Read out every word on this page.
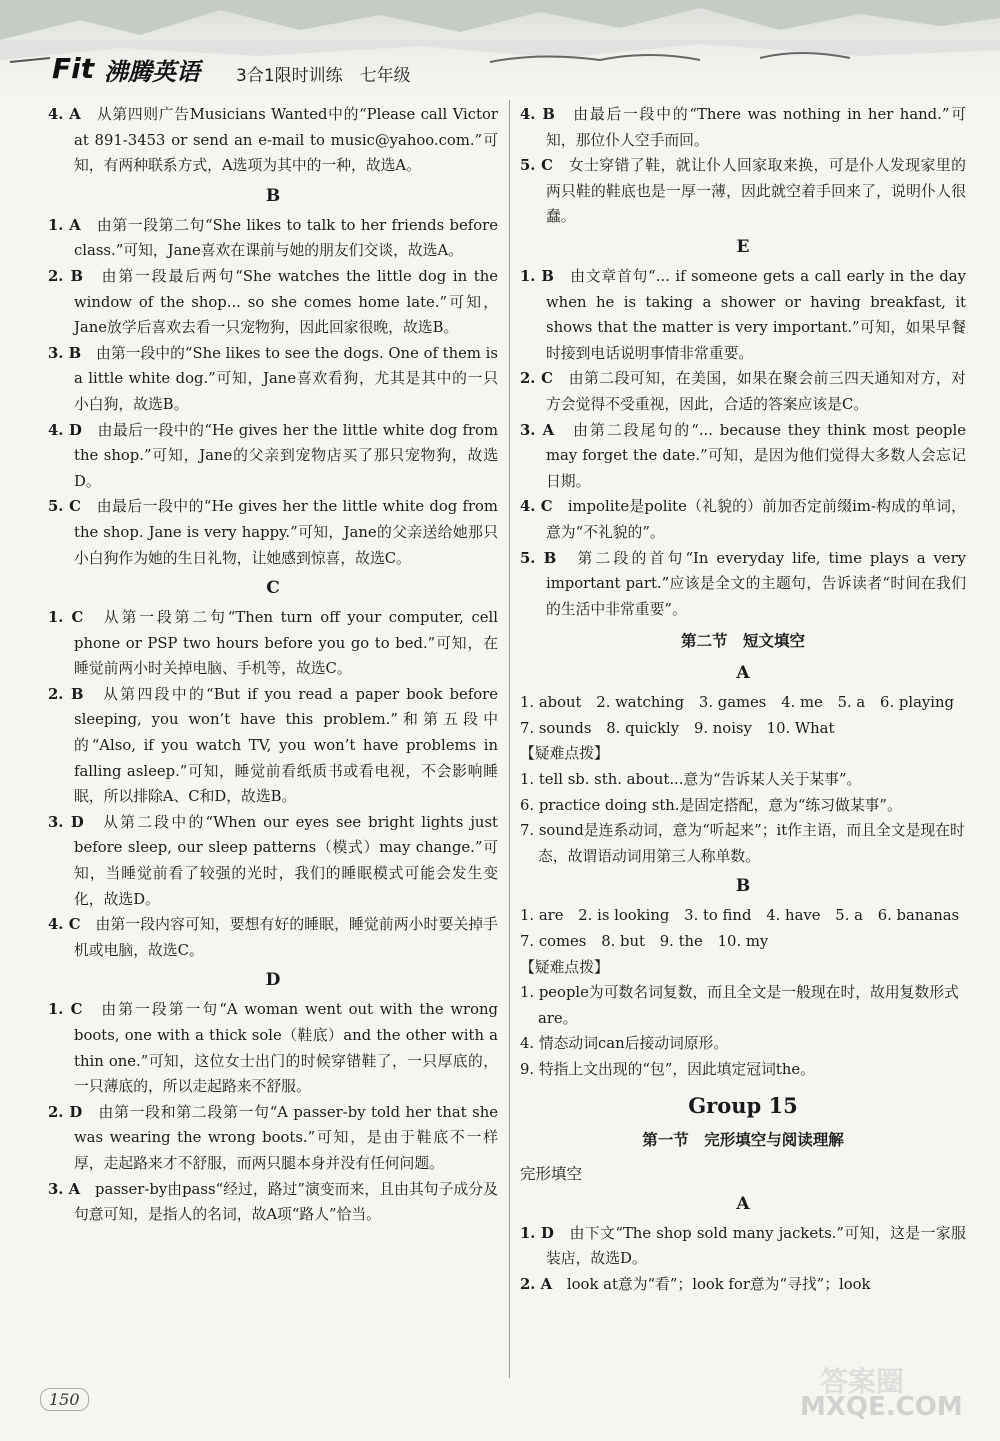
Fit 沸腾英语 3合1限时训练　七年级

4. A　 从第四则广告Musicians Wanted中的“Please call Victor at 891-3453 or send an e-mail to music@yahoo.com.”可知，有两种联系方式，A选项为其中的一种，故选A。

B

1. A　 由第一段第二句“She likes to talk to her friends before class.”可知，Jane喜欢在课前与她的朋友们交谈，故选A。

2. B　 由第一段最后两句“She watches the little dog in the window of the shop... so she comes home late.”可知，Jane放学后喜欢去看一只宠物狗，因此回家很晚，故选B。

3. B　 由第一段中的“She likes to see the dogs. One of them is a little white dog.”可知，Jane喜欢看狗，尤其是其中的一只小白狗，故选B。

4. D　 由最后一段中的“He gives her the little white dog from the shop.”可知，Jane的父亲到宠物店买了那只宠物狗，故选D。

5. C　 由最后一段中的“He gives her the little white dog from the shop. Jane is very happy.”可知，Jane的父亲送给她那只小白狗作为她的生日礼物，让她感到惊喜，故选C。

C

1. C　 从第一段第二句“Then turn off your computer, cell phone or PSP two hours before you go to bed.”可知，在睡觉前两小时关掉电脑、手机等，故选C。

2. B　 从第四段中的“But if you read a paper book before sleeping, you won’t have this problem.”和第五段中的“Also, if you watch TV, you won’t have problems in falling asleep.”可知，睡觉前看纸质书或看电视，不会影响睡眠，所以排除A、C和D，故选B。

3. D　 从第二段中的“When our eyes see bright lights just before sleep, our sleep patterns（模式）may change.”可知，当睡觉前看了较强的光时，我们的睡眠模式可能会发生变化，故选D。

4. C　 由第一段内容可知，要想有好的睡眠，睡觉前两小时要关掉手机或电脑，故选C。

D

1. C　 由第一段第一句“A woman went out with the wrong boots, one with a thick sole（鞋底）and the other with a thin one.”可知，这位女士出门的时候穿错鞋了，一只厚底的，一只薄底的，所以走起路来不舒服。

2. D　 由第一段和第二段第一句“A passer-by told her that she was wearing the wrong boots.”可知，是由于鞋底不一样厚，走起路来才不舒服，而两只腿本身并没有任何问题。

3. A　 passer-by由pass“经过，路过”演变而来，且由其句子成分及句意可知，是指人的名词，故A项“路人”恰当。

4. B　 由最后一段中的“There was nothing in her hand.”可知，那位仆人空手而回。

5. C　 女士穿错了鞋，就让仆人回家取来换，可是仆人发现家里的两只鞋的鞋底也是一厚一薄，因此就空着手回来了，说明仆人很蠢。

E

1. B　 由文章首句“... if someone gets a call early in the day when he is taking a shower or having breakfast, it shows that the matter is very important.”可知，如果早餐时接到电话说明事情非常重要。

2. C　 由第二段可知，在美国，如果在聚会前三四天通知对方，对方会觉得不受重视，因此，合适的答案应该是C。

3. A　 由第二段尾句的“... because they think most people may forget the date.”可知，是因为他们觉得大多数人会忘记日期。

4. C　 impolite是polite（礼貌的）前加否定前缀im-构成的单词，意为“不礼貌的”。

5. B　 第二段的首句“In everyday life, time plays a very important part.”应该是全文的主题句，告诉读者“时间在我们的生活中非常重要”。

第二节　短文填空
A

1. about　2. watching　3. games　4. me　5. a　6. playing

7. sounds　8. quickly　9. noisy　10. What

【疑难点拨】

1. tell sb. sth. about...意为“告诉某人关于某事”。

6. practice doing sth.是固定搭配，意为“练习做某事”。

7. sound是连系动词，意为“听起来”；it作主语，而且全文是现在时态，故谓语动词用第三人称单数。

B

1. are　2. is looking　3. to find　4. have　5. a　6. bananas

7. comes　8. but　9. the　10. my

【疑难点拨】

1. people为可数名词复数，而且全文是一般现在时，故用复数形式are。

4. 情态动词can后接动词原形。

9. 特指上文出现的“包”，因此填定冠词the。

Group 15
第一节　完形填空与阅读理解
完形填空
A

1. D　 由下文“The shop sold many jackets.”可知，这是一家服装店，故选D。

2. A　 look at意为“看”；look for意为“寻找”；look

150
答案圈
MXQE.COM
